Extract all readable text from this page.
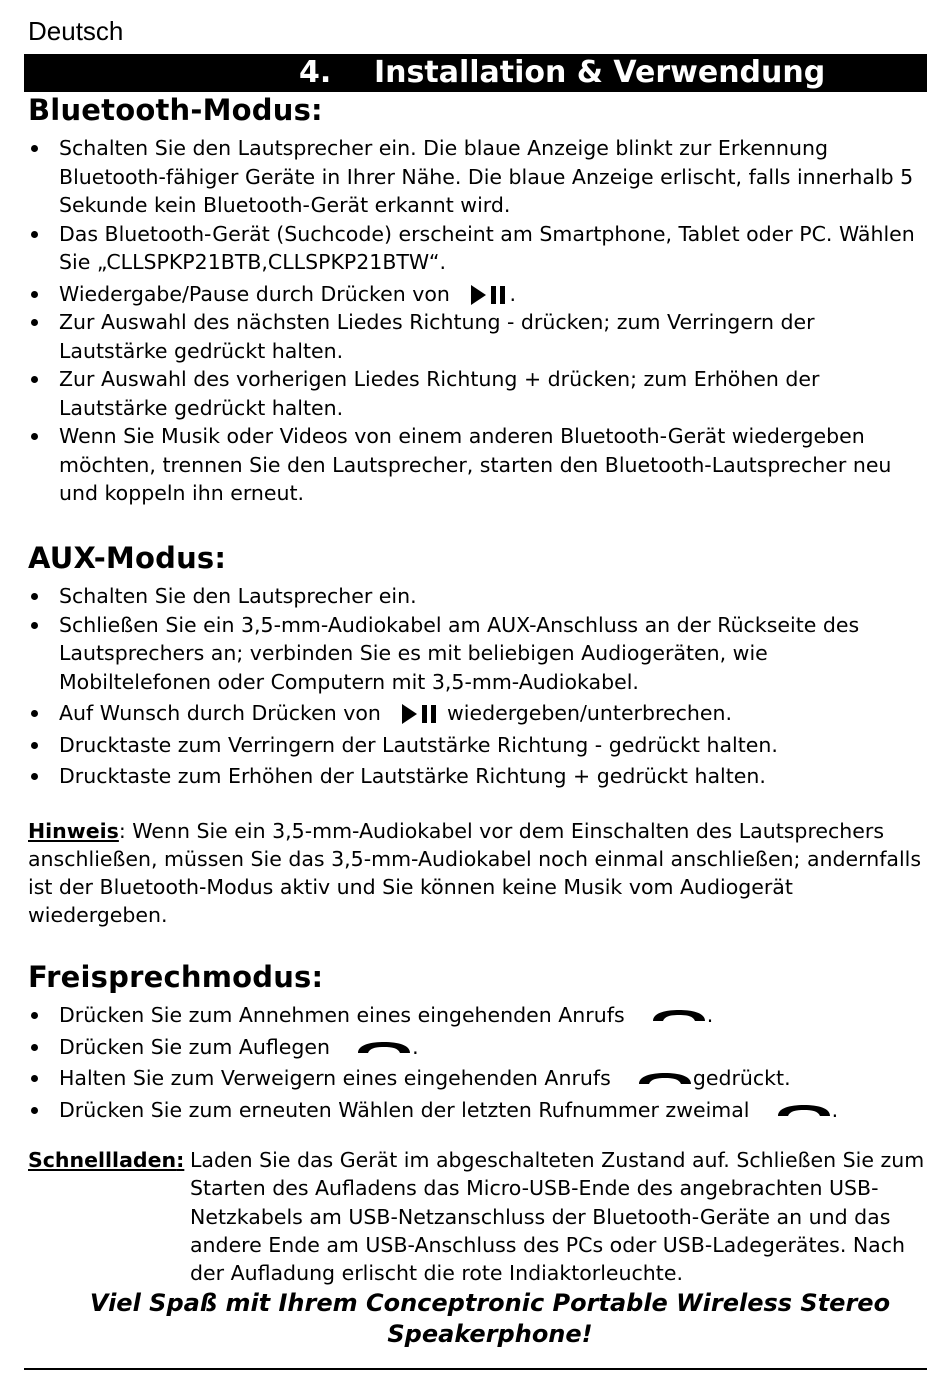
Deutsch
4. Installation & Verwendung
Bluetooth-Modus:
Schalten Sie den Lautsprecher ein. Die blaue Anzeige blinkt zur Erkennung Bluetooth-fähiger Geräte in Ihrer Nähe. Die blaue Anzeige erlischt, falls innerhalb 5 Sekunde kein Bluetooth-Gerät erkannt wird.
Das Bluetooth-Gerät (Suchcode) erscheint am Smartphone, Tablet oder PC. Wählen Sie „CLLSPKP21BTB,CLLSPKP21BTW“.
Wiedergabe/Pause durch Drücken von	.
Zur Auswahl des nächsten Liedes Richtung - drücken; zum Verringern der Lautstärke gedrückt halten.
Zur Auswahl des vorherigen Liedes Richtung + drücken; zum Erhöhen der Lautstärke gedrückt halten.
Wenn Sie Musik oder Videos von einem anderen Bluetooth-Gerät wiedergeben möchten, trennen Sie den Lautsprecher, starten den Bluetooth-Lautsprecher neu und koppeln ihn erneut.
AUX-Modus:
Schalten Sie den Lautsprecher ein.
Schließen Sie ein 3,5-mm-Audiokabel am AUX-Anschluss an der Rückseite des Lautsprechers an; verbinden Sie es mit beliebigen Audiogeräten, wie Mobiltelefonen oder Computern mit 3,5-mm-Audiokabel.
Auf Wunsch durch Drücken von	wiedergeben/unterbrechen.
Drucktaste zum Verringern der Lautstärke Richtung - gedrückt halten.
Drucktaste zum Erhöhen der Lautstärke Richtung + gedrückt halten.

Hinweis: Wenn Sie ein 3,5-mm-Audiokabel vor dem Einschalten des Lautsprechers anschließen, müssen Sie das 3,5-mm-Audiokabel noch einmal anschließen; andernfalls ist der Bluetooth-Modus aktiv und Sie können keine Musik vom Audiogerät wiedergeben.

Freisprechmodus:
Drücken Sie zum Annehmen eines eingehenden Anrufs	.
Drücken Sie zum Auflegen	.
Halten Sie zum Verweigern eines eingehenden Anrufs	gedrückt.
Drücken Sie zum erneuten Wählen der letzten Rufnummer zweimal	.
Schnellladen: Laden Sie das Gerät im abgeschalteten Zustand auf. Schließen Sie zum Starten des Aufladens das Micro-USB-Ende des angebrachten USB-Netzkabels am USB-Netzanschluss der Bluetooth-Geräte an und das andere Ende am USB-Anschluss des PCs oder USB-Ladegerätes. Nach der Aufladung erlischt die rote Indiaktorleuchte.

Viel Spaß mit Ihrem Conceptronic Portable Wireless Stereo
Speakerphone!
